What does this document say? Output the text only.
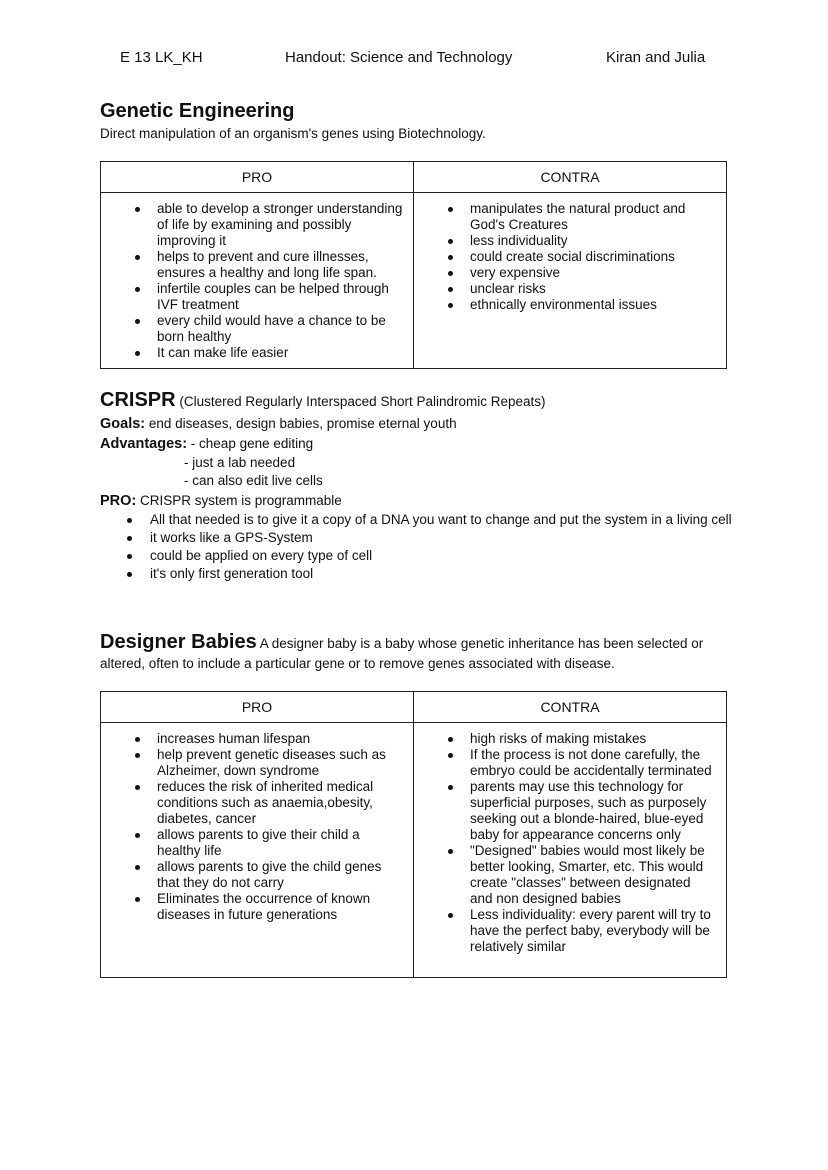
E 13 LK_KH	Handout: Science and Technology	Kiran and Julia
Genetic Engineering
Direct manipulation of an organism's genes using Biotechnology.
PRO	CONTRA

able to develop a stronger understanding of life by examining and possibly improving it
helps to prevent and cure illnesses, ensures a healthy and long life span.
infertile couples can be helped through IVF treatment
every child would have a chance to be born healthy
It can make life easier

manipulates the natural product and God's Creatures
less individuality
could create social discriminations
very expensive
unclear risks
ethnically environmental issues
CRISPR (Clustered Regularly Interspaced Short Palindromic Repeats)
Goals: end diseases, design babies, promise eternal youth
Advantages: - cheap gene editing
- just a lab needed
- can also edit live cells
PRO: CRISPR system is programmable
All that needed is to give it a copy of a DNA you want to change and put the system in a living cell
it works like a GPS-System
could be applied on every type of cell
it's only first generation tool
Designer Babies A designer baby is a baby whose genetic inheritance has been selected or altered, often to include a particular gene or to remove genes associated with disease.
PRO	CONTRA

increases human lifespan
help prevent genetic diseases such as Alzheimer, down syndrome
reduces the risk of inherited medical conditions such as anaemia,obesity, diabetes, cancer
allows parents to give their child a healthy life
allows parents to give the child genes that they do not carry
Eliminates the occurrence of known diseases in future generations

high risks of making mistakes
If the process is not done carefully, the embryo could be accidentally terminated
parents may use this technology for superficial purposes, such as purposely seeking out a blonde-haired, blue-eyed baby for appearance concerns only
"Designed" babies would most likely be better looking, Smarter, etc. This would create "classes" between designated and non designed babies
Less individuality: every parent will try to have the perfect baby, everybody will be relatively similar
